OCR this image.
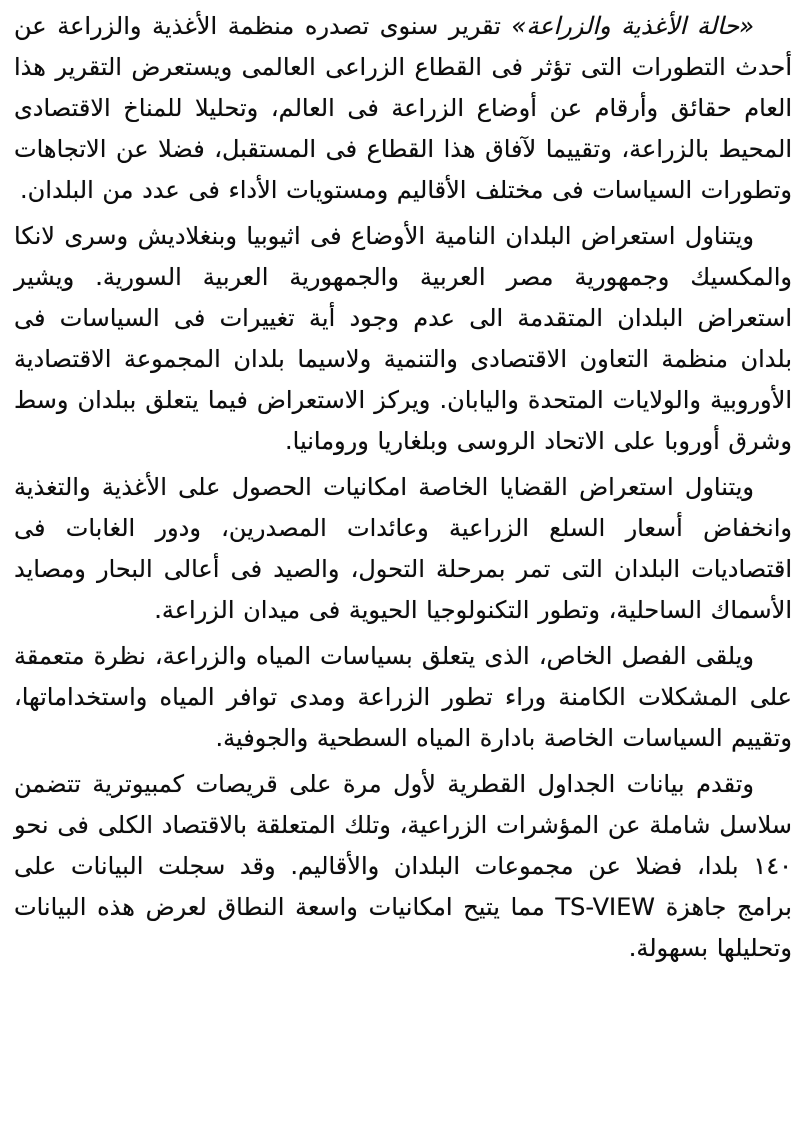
«حالة الأغذية والزراعة» تقرير سنوى تصدره منظمة الأغذية والزراعة عن أحدث التطورات التى تؤثر فى القطاع الزراعى العالمى ويستعرض التقرير هذا العام حقائق وأرقام عن أوضاع الزراعة فى العالم، وتحليلا للمناخ الاقتصادى المحيط بالزراعة، وتقييما لآفاق هذا القطاع فى المستقبل، فضلا عن الاتجاهات وتطورات السياسات فى مختلف الأقاليم ومستويات الأداء فى عدد من البلدان.

ويتناول استعراض البلدان النامية الأوضاع فى اثيوبيا وبنغلاديش وسرى لانكا والمكسيك وجمهورية مصر العربية والجمهورية العربية السورية. ويشير استعراض البلدان المتقدمة الى عدم وجود أية تغييرات فى السياسات فى بلدان منظمة التعاون الاقتصادى والتنمية ولاسيما بلدان المجموعة الاقتصادية الأوروبية والولايات المتحدة واليابان. ويركز الاستعراض فيما يتعلق ببلدان وسط وشرق أوروبا على الاتحاد الروسى وبلغاريا ورومانيا.

ويتناول استعراض القضايا الخاصة امكانيات الحصول على الأغذية والتغذية وانخفاض أسعار السلع الزراعية وعائدات المصدرين، ودور الغابات فى اقتصاديات البلدان التى تمر بمرحلة التحول، والصيد فى أعالى البحار ومصايد الأسماك الساحلية، وتطور التكنولوجيا الحيوية فى ميدان الزراعة.

ويلقى الفصل الخاص، الذى يتعلق بسياسات المياه والزراعة، نظرة متعمقة على المشكلات الكامنة وراء تطور الزراعة ومدى توافر المياه واستخداماتها، وتقييم السياسات الخاصة بادارة المياه السطحية والجوفية.

وتقدم بيانات الجداول القطرية لأول مرة على قريصات كمبيوترية تتضمن سلاسل شاملة عن المؤشرات الزراعية، وتلك المتعلقة بالاقتصاد الكلى فى نحو ١٤٠ بلدا، فضلا عن مجموعات البلدان والأقاليم. وقد سجلت البيانات على برامج جاهزة TS-VIEW مما يتيح امكانيات واسعة النطاق لعرض هذه البيانات وتحليلها بسهولة.
